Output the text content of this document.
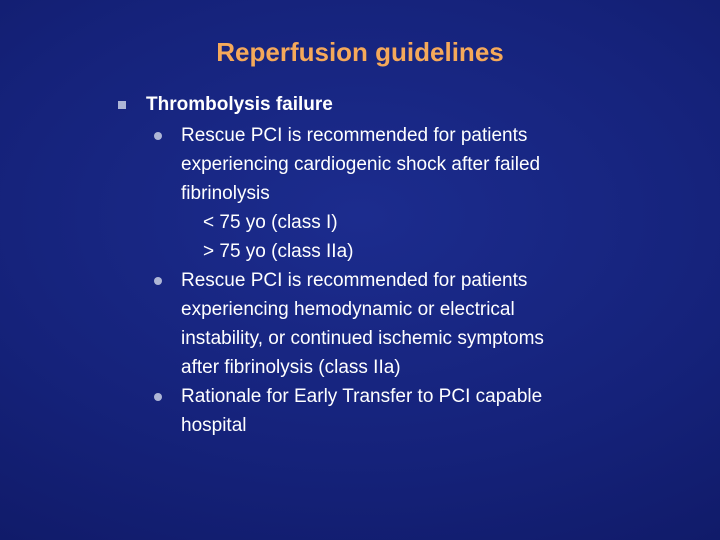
Reperfusion guidelines
Thrombolysis failure
Rescue PCI is recommended for patients
experiencing cardiogenic shock after failed
fibrinolysis
< 75 yo (class I)
> 75 yo (class IIa)
Rescue PCI is recommended for patients
experiencing hemodynamic or electrical
instability, or continued ischemic symptoms
after fibrinolysis (class IIa)
Rationale for Early Transfer to PCI capable
hospital
